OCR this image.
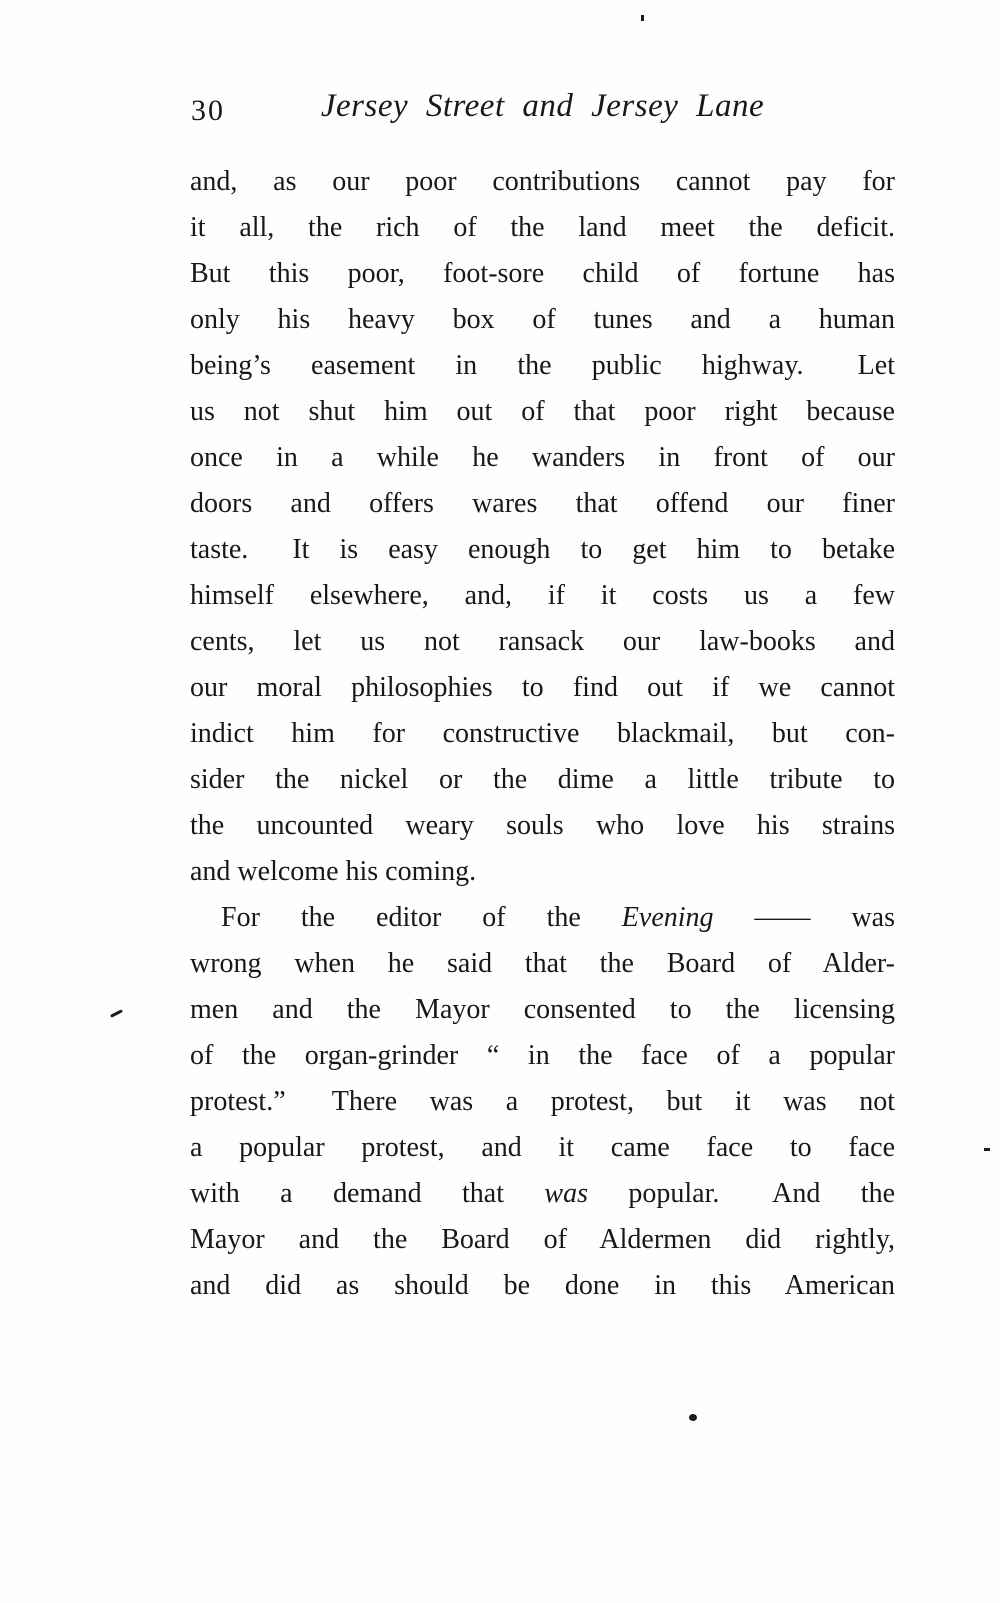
30	Jersey Street and Jersey Lane
and, as our poor contributions cannot pay for
it all, the rich of the land meet the deficit.
But this poor, foot-sore child of fortune has
only his heavy box of tunes and a human
being’s easement in the public highway.  Let
us not shut him out of that poor right because
once in a while he wanders in front of our
doors and offers wares that offend our finer
taste.  It is easy enough to get him to betake
himself elsewhere, and, if it costs us a few
cents, let us not ransack our law-books and
our moral philosophies to find out if we cannot
indict him for constructive blackmail, but con-
sider the nickel or the dime a little tribute to
the uncounted weary souls who love his strains
and welcome his coming.
For the editor of the Evening —— was
wrong when he said that the Board of Alder-
men and the Mayor consented to the licensing
of the organ-grinder “ in the face of a popular
protest.”  There was a protest, but it was not
a popular protest, and it came face to face
with a demand that was popular.  And the
Mayor and the Board of Aldermen did rightly,
and did as should be done in this American
